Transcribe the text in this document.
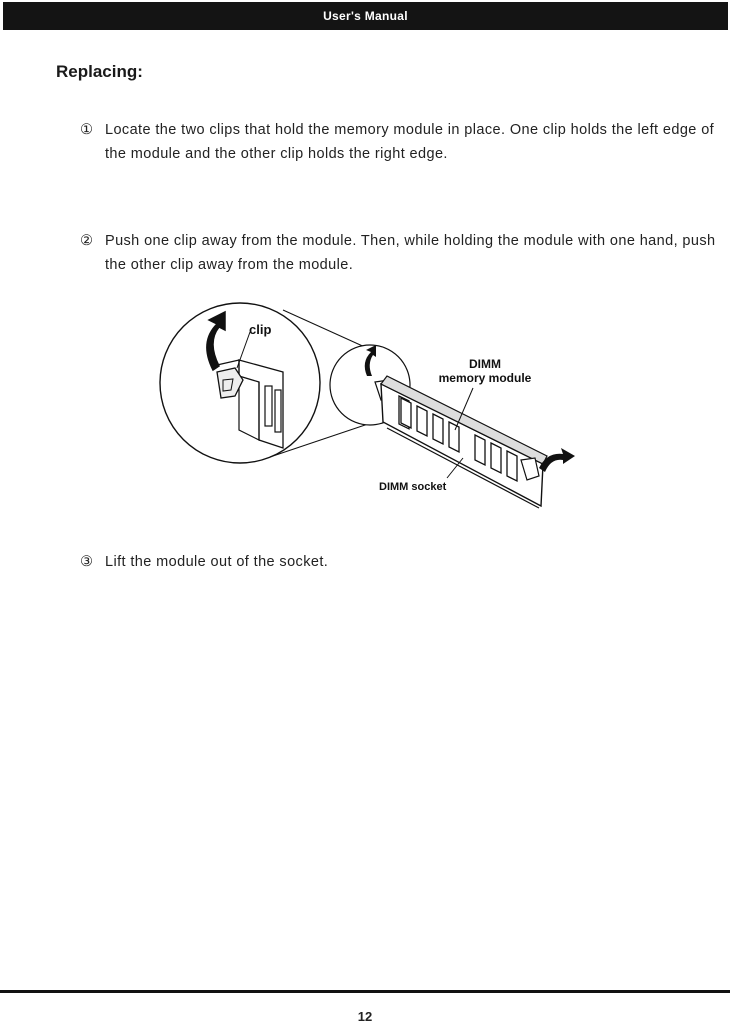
User's Manual
Replacing:
① Locate the two clips that hold the memory module in place. One clip holds the left edge of the module and the other clip holds the right edge.
② Push one clip away from the module. Then, while holding the module with one hand, push the other clip away from the module.
clip
DIMM
memory module
DIMM socket
③ Lift the module out of the socket.
12
